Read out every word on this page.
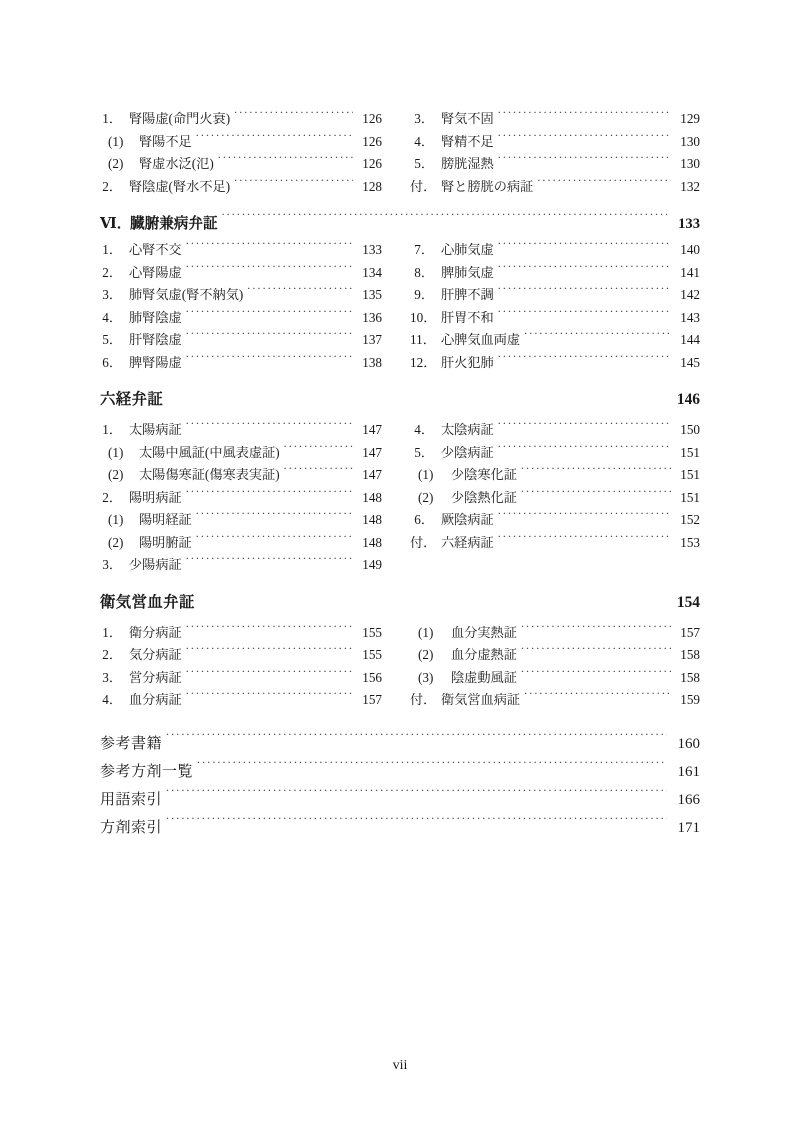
1． 腎陽虚(命門火衰) .....	126
(1)	腎陽不足 .....	126
(2)	腎虚水泛(氾) .....	126
2． 腎陰虚(腎水不足) .....	128
3． 腎気不固 .....	129
4． 腎精不足 .....	130
5． 膀胱湿熱 .....	130
付． 腎と膀胱の病証 .....	132
Ⅵ．
臓腑兼病弁証 .....	133
1． 心腎不交 .....	133
2． 心腎陽虚 .....	134
3． 肺腎気虚(腎不納気) .....	135
4． 肺腎陰虚 .....	136
5． 肝腎陰虚 .....	137
6． 脾腎陽虚 .....	138
7． 心肺気虚 .....	140
8． 脾肺気虚 .....	141
9． 肝脾不調 .....	142
10． 肝胃不和 .....	143
11． 心脾気血両虚 .....	144
12． 肝火犯肺 .....	145
六経弁証 .....	146
1． 太陽病証 .....	147
(1)	太陽中風証(中風表虚証) .....	147
(2)	太陽傷寒証(傷寒表実証) .....	147
2． 陽明病証 .....	148
(1)	陽明経証 .....	148
(2)	陽明腑証 .....	148
3． 少陽病証 .....	149
4． 太陰病証 .....	150
5． 少陰病証 .....	151
(1)	少陰寒化証 .....	151
(2)	少陰熱化証 .....	151
6． 厥陰病証 .....	152
付． 六経病証 .....	153
衛気営血弁証 .....	154
1． 衛分病証 .....	155
2． 気分病証 .....	155
3． 営分病証 .....	156
4． 血分病証 .....	157
(1)	血分実熱証 .....	157
(2)	血分虚熱証 .....	158
(3)	陰虚動風証 .....	158
付． 衛気営血病証 .....	159
参考書籍 .....	160
参考方剤一覧 .....	161
用語索引 .....	166
方剤索引 .....	171
vii
